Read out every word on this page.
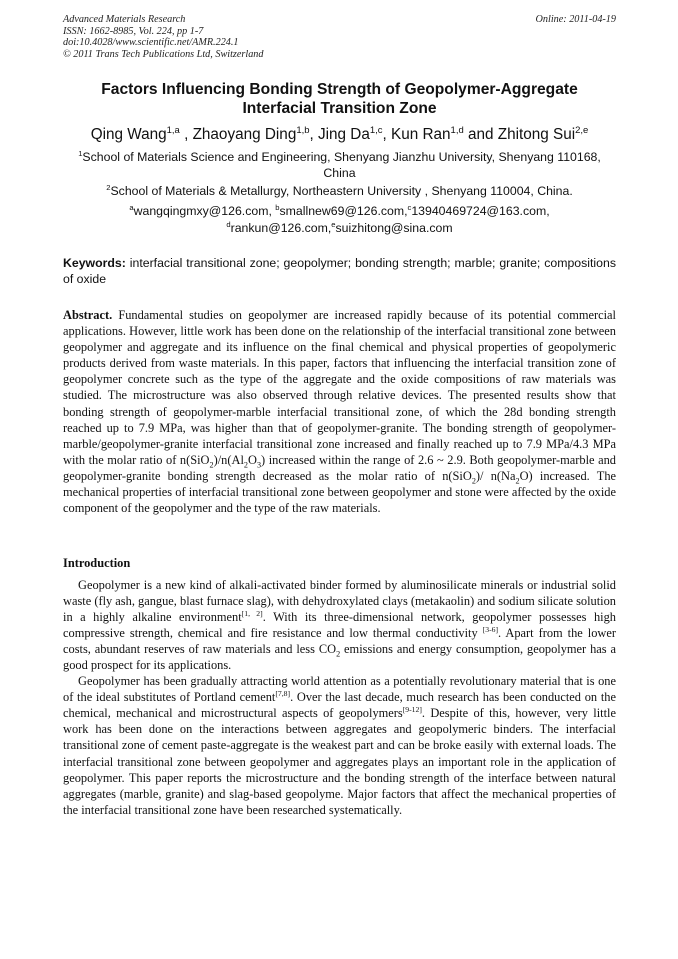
Advanced Materials Research
ISSN: 1662-8985, Vol. 224, pp 1-7
doi:10.4028/www.scientific.net/AMR.224.1
© 2011 Trans Tech Publications Ltd, Switzerland
Online: 2011-04-19
Factors Influencing Bonding Strength of Geopolymer-Aggregate
Interfacial Transition Zone
Qing Wang$^{1,a}$ , Zhaoyang Ding$^{1,b}$, Jing Da$^{1,c}$, Kun Ran$^{1,d}$ and Zhitong Sui$^{2,e}$
$^1$School of Materials Science and Engineering, Shenyang Jianzhu University, Shenyang 110168, China
$^2$School of Materials & Metallurgy, Northeastern University , Shenyang 110004, China.
$^a$wangqingmxy@126.com, $^b$smallnew69@126.com,$^c$13940469724@163.com,
$^d$rankun@126.com,$^e$suizhitong@sina.com
Keywords: interfacial transitional zone; geopolymer; bonding strength; marble; granite; compositions of oxide
Abstract. Fundamental studies on geopolymer are increased rapidly because of its potential commercial applications. However, little work has been done on the relationship of the interfacial transitional zone between geopolymer and aggregate and its influence on the final chemical and physical properties of geopolymeric products derived from waste materials. In this paper, factors that influencing the interfacial transition zone of geopolymer concrete such as the type of the aggregate and the oxide compositions of raw materials was studied. The microstructure was also observed through relative devices. The presented results show that bonding strength of geopolymer-marble interfacial transitional zone, of which the 28d bonding strength reached up to 7.9 MPa, was higher than that of geopolymer-granite. The bonding strength of geopolymer-marble/geopolymer-granite interfacial transitional zone increased and finally reached up to 7.9 MPa/4.3 MPa with the molar ratio of $n(SiO_2)/n(Al_2O_3)$ increased within the range of 2.6 ~ 2.9. Both geopolymer-marble and geopolymer-granite bonding strength decreased as the molar ratio of n(SiO$_2$)/ $n(Na_2O)$ increased. The mechanical properties of interfacial transitional zone between geopolymer and stone were affected by the oxide component of the geopolymer and the type of the raw materials.
Introduction

Geopolymer is a new kind of alkali-activated binder formed by aluminosilicate minerals or industrial solid waste (fly ash, gangue, blast furnace slag), with dehydroxylated clays (metakaolin) and sodium silicate solution in a highly alkaline environment[1, 2]. With its three-dimensional network, geopolymer possesses high compressive strength, chemical and fire resistance and low thermal conductivity [3-6]. Apart from the lower costs, abundant reserves of raw materials and less $CO_2$ emissions and energy consumption, geopolymer has a good prospect for its applications.

Geopolymer has been gradually attracting world attention as a potentially revolutionary material that is one of the ideal substitutes of Portland cement[7,8]. Over the last decade, much research has been conducted on the chemical, mechanical and microstructural aspects of geopolymers[9-12]. Despite of this, however, very little work has been done on the interactions between aggregates and geopolymeric binders. The interfacial transitional zone of cement paste-aggregate is the weakest part and can be broke easily with external loads. The interfacial transitional zone between geopolymer and aggregates plays an important role in the application of geopolymer. This paper reports the microstructure and the bonding strength of the interface between natural aggregates (marble, granite) and slag-based geopolyme. Major factors that affect the mechanical properties of the interfacial transitional zone have been researched systematically.
